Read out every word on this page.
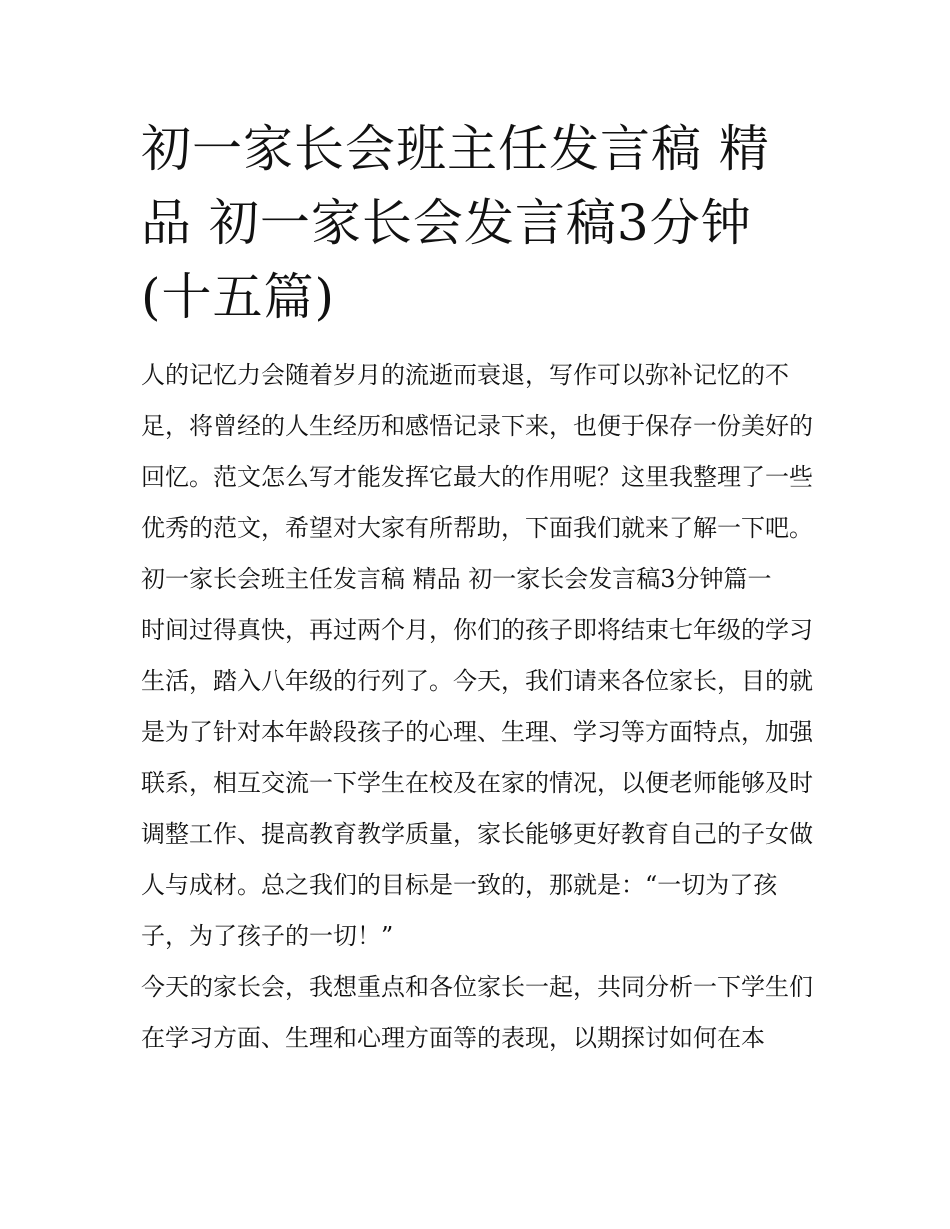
初一家长会班主任发言稿 精品 初一家长会发言稿3分钟(十五篇)

人的记忆力会随着岁月的流逝而衰退，写作可以弥补记忆的不足，将曾经的人生经历和感悟记录下来，也便于保存一份美好的回忆。范文怎么写才能发挥它最大的作用呢？这里我整理了一些优秀的范文，希望对大家有所帮助，下面我们就来了解一下吧。

初一家长会班主任发言稿 精品 初一家长会发言稿3分钟篇一

时间过得真快，再过两个月，你们的孩子即将结束七年级的学习生活，踏入八年级的行列了。今天，我们请来各位家长，目的就是为了针对本年龄段孩子的心理、生理、学习等方面特点，加强联系，相互交流一下学生在校及在家的情况，以便老师能够及时调整工作、提高教育教学质量，家长能够更好教育自己的子女做人与成材。总之我们的目标是一致的，那就是：“一切为了孩子，为了孩子的一切！”

今天的家长会，我想重点和各位家长一起，共同分析一下学生们在学习方面、生理和心理方面等的表现，以期探讨如何在本
